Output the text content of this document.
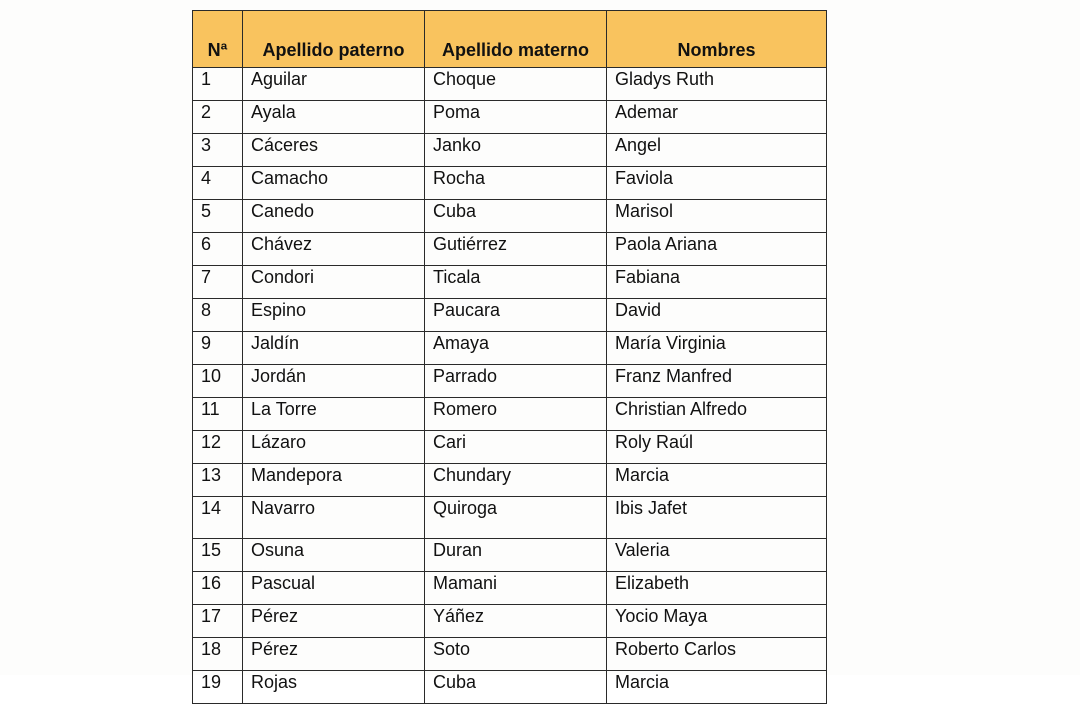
Nª	Apellido paterno	Apellido materno	Nombres
1	Aguilar	Choque	Gladys Ruth
2	Ayala	Poma	Ademar
3	Cáceres	Janko	Angel
4	Camacho	Rocha	Faviola
5	Canedo	Cuba	Marisol
6	Chávez	Gutiérrez	Paola Ariana
7	Condori	Ticala	Fabiana
8	Espino	Paucara	David
9	Jaldín	Amaya	María Virginia
10	Jordán	Parrado	Franz Manfred
11	La Torre	Romero	Christian Alfredo
12	Lázaro	Cari	Roly Raúl
13	Mandepora	Chundary	Marcia
14	Navarro	Quiroga	Ibis Jafet
15	Osuna	Duran	Valeria
16	Pascual	Mamani	Elizabeth
17	Pérez	Yáñez	Yocio Maya
18	Pérez	Soto	Roberto Carlos
19	Rojas	Cuba	Marcia
